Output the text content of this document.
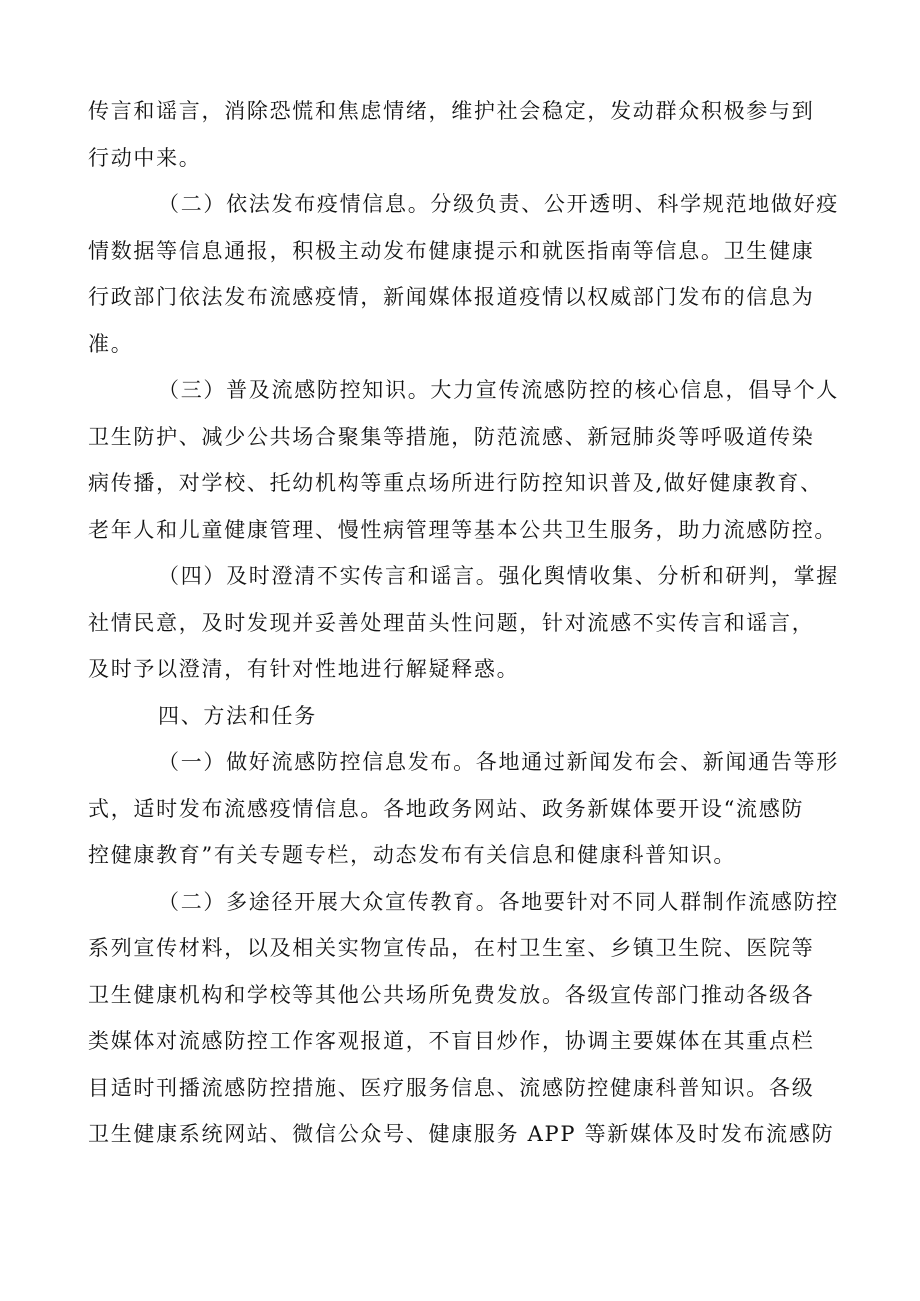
传言和谣言，消除恐慌和焦虑情绪，维护社会稳定，发动群众积极参与到
行动中来。
（二）依法发布疫情信息。分级负责、公开透明、科学规范地做好疫
情数据等信息通报，积极主动发布健康提示和就医指南等信息。卫生健康
行政部门依法发布流感疫情，新闻媒体报道疫情以权威部门发布的信息为
准。
（三）普及流感防控知识。大力宣传流感防控的核心信息，倡导个人
卫生防护、减少公共场合聚集等措施，防范流感、新冠肺炎等呼吸道传染
病传播，对学校、托幼机构等重点场所进行防控知识普及,做好健康教育、
老年人和儿童健康管理、慢性病管理等基本公共卫生服务，助力流感防控。
（四）及时澄清不实传言和谣言。强化舆情收集、分析和研判，掌握
社情民意，及时发现并妥善处理苗头性问题，针对流感不实传言和谣言，
及时予以澄清，有针对性地进行解疑释惑。
四、方法和任务
（一）做好流感防控信息发布。各地通过新闻发布会、新闻通告等形
式，适时发布流感疫情信息。各地政务网站、政务新媒体要开设“流感防
控健康教育”有关专题专栏，动态发布有关信息和健康科普知识。
（二）多途径开展大众宣传教育。各地要针对不同人群制作流感防控
系列宣传材料，以及相关实物宣传品，在村卫生室、乡镇卫生院、医院等
卫生健康机构和学校等其他公共场所免费发放。各级宣传部门推动各级各
类媒体对流感防控工作客观报道，不盲目炒作，协调主要媒体在其重点栏
目适时刊播流感防控措施、医疗服务信息、流感防控健康科普知识。各级
卫生健康系统网站、微信公众号、健康服务 APP 等新媒体及时发布流感防
